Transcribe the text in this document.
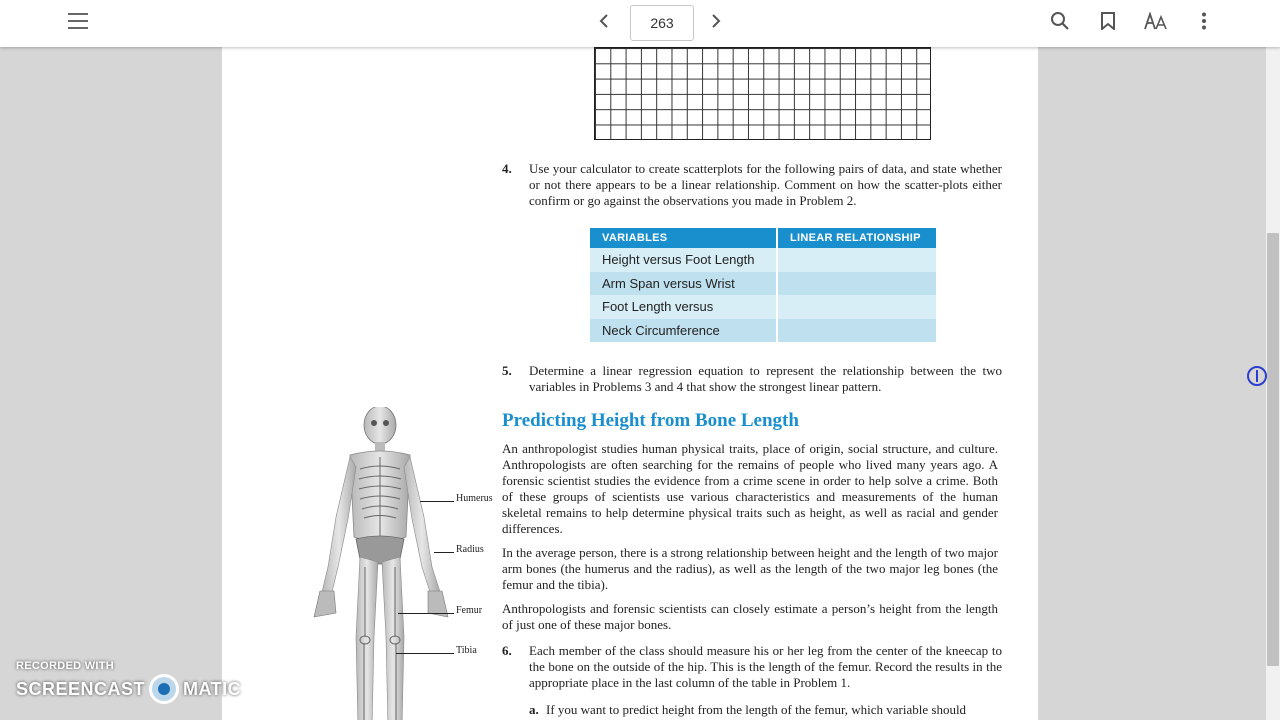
263
4. Use your calculator to create scatterplots for the following pairs of data, and state whether or not there appears to be a linear relationship. Comment on how the scatter-plots either confirm or go against the observations you made in Problem 2.
VARIABLES	LINEAR RELATIONSHIP
Height versus Foot Length	
Arm Span versus Wrist	
Foot Length versus	
Neck Circumference	
5. Determine a linear regression equation to represent the relationship between the two variables in Problems 3 and 4 that show the strongest linear pattern.
Predicting Height from Bone Length
An anthropologist studies human physical traits, place of origin, social structure, and culture. Anthropologists are often searching for the remains of people who lived many years ago. A forensic scientist studies the evidence from a crime scene in order to help solve a crime. Both of these groups of scientists use various characteristics and measurements of the human skeletal remains to help determine physical traits such as height, as well as racial and gender differences.
In the average person, there is a strong relationship between height and the length of two major arm bones (the humerus and the radius), as well as the length of the two major leg bones (the femur and the tibia).
Anthropologists and forensic scientists can closely estimate a person’s height from the length of just one of these major bones.
6. Each member of the class should measure his or her leg from the center of the kneecap to the bone on the outside of the hip. This is the length of the femur. Record the results in the appropriate place in the last column of the table in Problem 1.
a. If you want to predict height from the length of the femur, which variable should
Humerus
Radius
Femur
Tibia
RECORDED WITH
SCREENCAST MATIC
